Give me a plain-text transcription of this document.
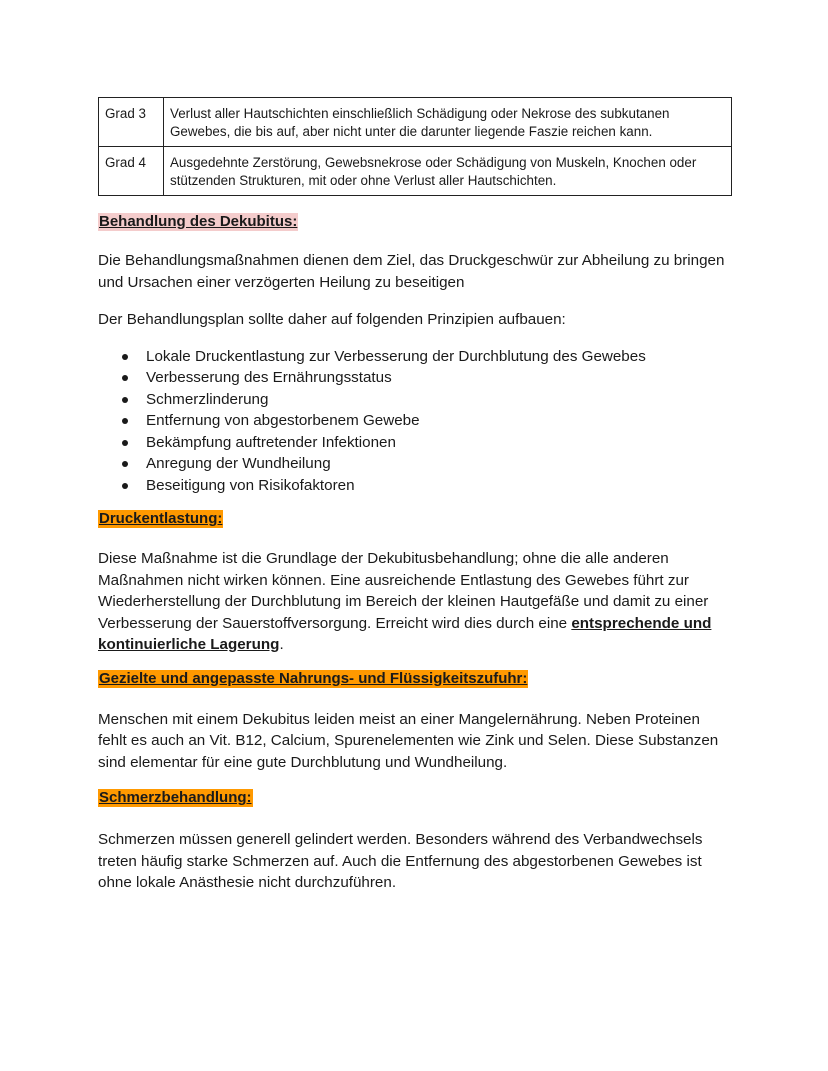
Grad 3	Verlust aller Hautschichten einschließlich Schädigung oder Nekrose des subkutanen Gewebes, die bis auf, aber nicht unter die darunter liegende Faszie reichen kann.
Grad 4	Ausgedehnte Zerstörung, Gewebsnekrose oder Schädigung von Muskeln, Knochen oder stützenden Strukturen, mit oder ohne Verlust aller Hautschichten.
Behandlung des Dekubitus:

Die Behandlungsmaßnahmen dienen dem Ziel, das Druckgeschwür zur Abheilung zu bringen und Ursachen einer verzögerten Heilung zu beseitigen

Der Behandlungsplan sollte daher auf folgenden Prinzipien aufbauen:

Lokale Druckentlastung zur Verbesserung der Durchblutung des Gewebes
Verbesserung des Ernährungsstatus
Schmerzlinderung
Entfernung von abgestorbenem Gewebe
Bekämpfung auftretender Infektionen
Anregung der Wundheilung
Beseitigung von Risikofaktoren
Druckentlastung:

Diese Maßnahme ist die Grundlage der Dekubitusbehandlung; ohne die alle anderen Maßnahmen nicht wirken können. Eine ausreichende Entlastung des Gewebes führt zur Wiederherstellung der Durchblutung im Bereich der kleinen Hautgefäße und damit zu einer Verbesserung der Sauerstoffversorgung. Erreicht wird dies durch eine entsprechende und kontinuierliche Lagerung.

Gezielte und angepasste Nahrungs- und Flüssigkeitszufuhr:

Menschen mit einem Dekubitus leiden meist an einer Mangelernährung. Neben Proteinen fehlt es auch an Vit. B12, Calcium, Spurenelementen wie Zink und Selen. Diese Substanzen sind elementar für eine gute Durchblutung und Wundheilung.

Schmerzbehandlung:

Schmerzen müssen generell gelindert werden. Besonders während des Verbandwechsels treten häufig starke Schmerzen auf. Auch die Entfernung des abgestorbenen Gewebes ist ohne lokale Anästhesie nicht durchzuführen.
